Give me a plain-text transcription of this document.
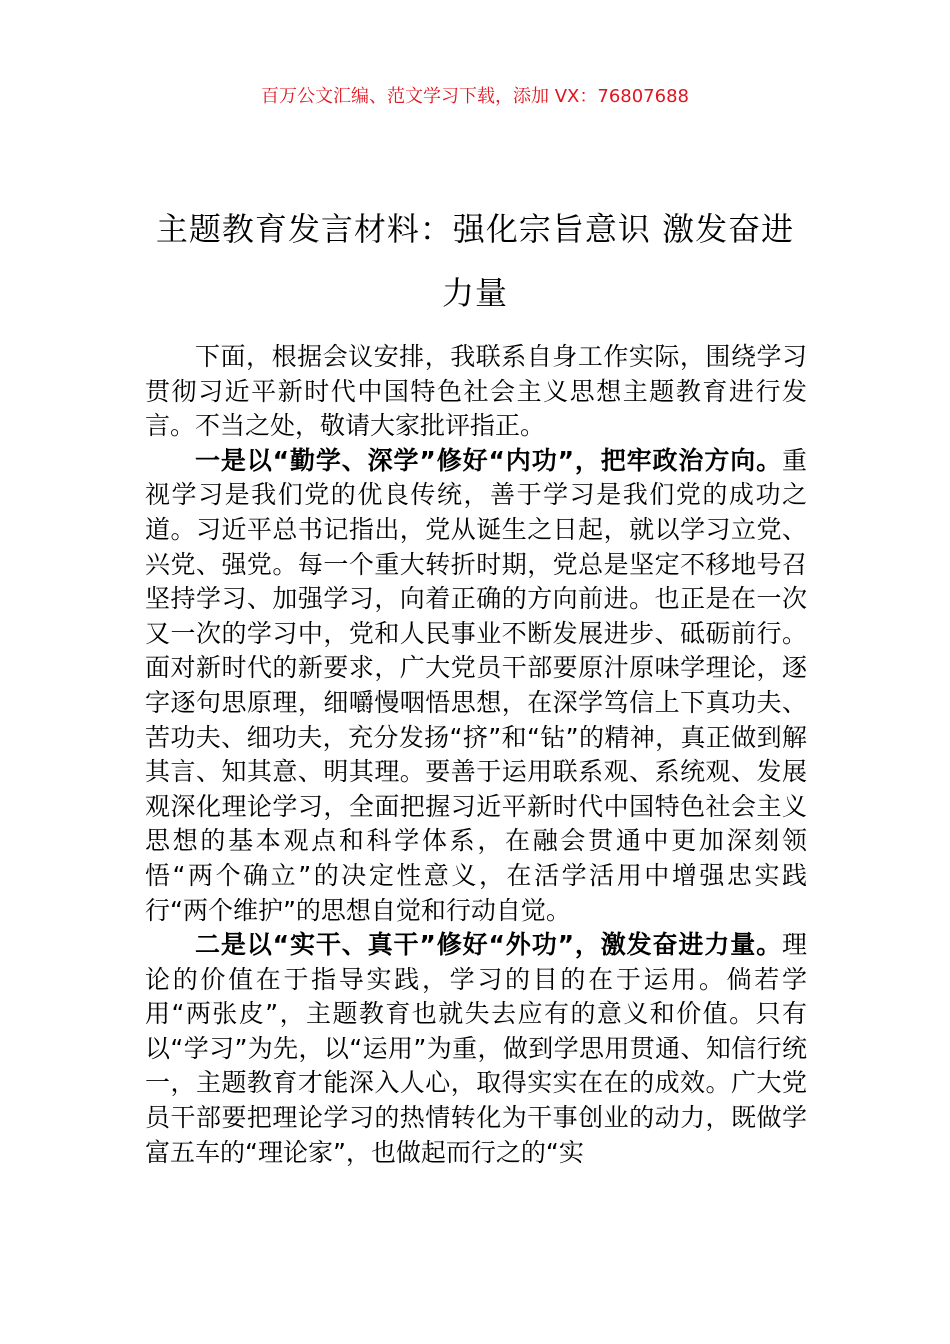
百万公文汇编、范文学习下载，添加 VX：76807688
主题教育发言材料：强化宗旨意识 激发奋进力量

下面，根据会议安排，我联系自身工作实际，围绕学习贯彻习近平新时代中国特色社会主义思想主题教育进行发言。不当之处，敬请大家批评指正。

一是以“勤学、深学”修好“内功”，把牢政治方向。重视学习是我们党的优良传统，善于学习是我们党的成功之道。习近平总书记指出，党从诞生之日起，就以学习立党、兴党、强党。每一个重大转折时期，党总是坚定不移地号召坚持学习、加强学习，向着正确的方向前进。也正是在一次又一次的学习中，党和人民事业不断发展进步、砥砺前行。面对新时代的新要求，广大党员干部要原汁原味学理论，逐字逐句思原理，细嚼慢咽悟思想，在深学笃信上下真功夫、苦功夫、细功夫，充分发扬“挤”和“钻”的精神，真正做到解其言、知其意、明其理。要善于运用联系观、系统观、发展观深化理论学习，全面把握习近平新时代中国特色社会主义思想的基本观点和科学体系，在融会贯通中更加深刻领悟“两个确立”的决定性意义，在活学活用中增强忠实践行“两个维护”的思想自觉和行动自觉。

二是以“实干、真干”修好“外功”，激发奋进力量。理论的价值在于指导实践，学习的目的在于运用。倘若学用“两张皮”，主题教育也就失去应有的意义和价值。只有以“学习”为先，以“运用”为重，做到学思用贯通、知信行统一，主题教育才能深入人心，取得实实在在的成效。广大党员干部要把理论学习的热情转化为干事创业的动力，既做学富五车的“理论家”，也做起而行之的“实
